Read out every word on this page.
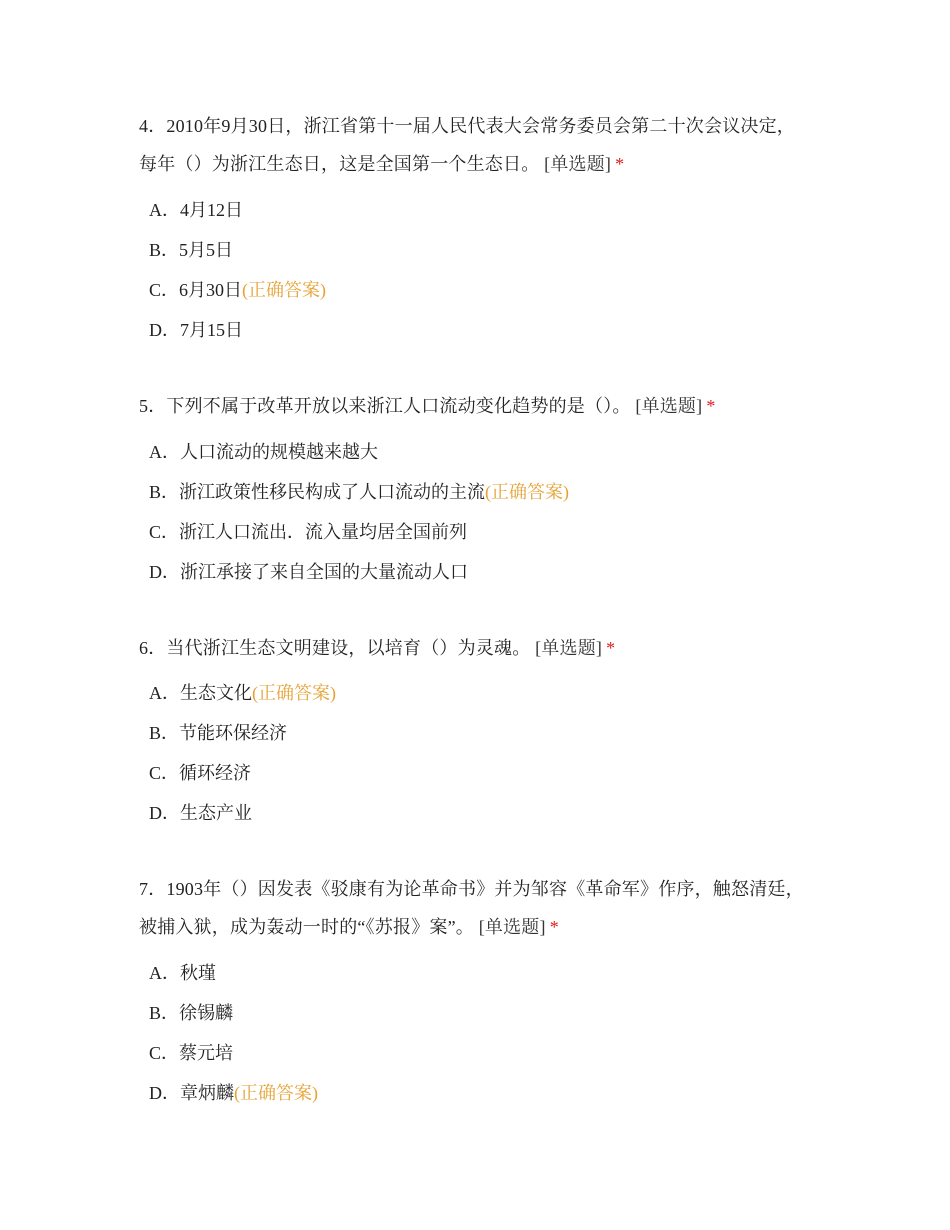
4．2010年9月30日，浙江省第十一届人民代表大会常务委员会第二十次会议决定，每年（）为浙江生态日，这是全国第一个生态日。 [单选题] *

A．4月12日
B．5月5日
C．6月30日(正确答案)
D．7月15日

5．下列不属于改革开放以来浙江人口流动变化趋势的是（）。 [单选题] *

A．人口流动的规模越来越大
B．浙江政策性移民构成了人口流动的主流(正确答案)
C．浙江人口流出．流入量均居全国前列
D．浙江承接了来自全国的大量流动人口

6．当代浙江生态文明建设，以培育（）为灵魂。 [单选题] *

A．生态文化(正确答案)
B．节能环保经济
C．循环经济
D．生态产业

7．1903年（）因发表《驳康有为论革命书》并为邹容《革命军》作序，触怒清廷，被捕入狱，成为轰动一时的“《苏报》案”。 [单选题] *

A．秋瑾
B．徐锡麟
C．蔡元培
D．章炳麟(正确答案)
